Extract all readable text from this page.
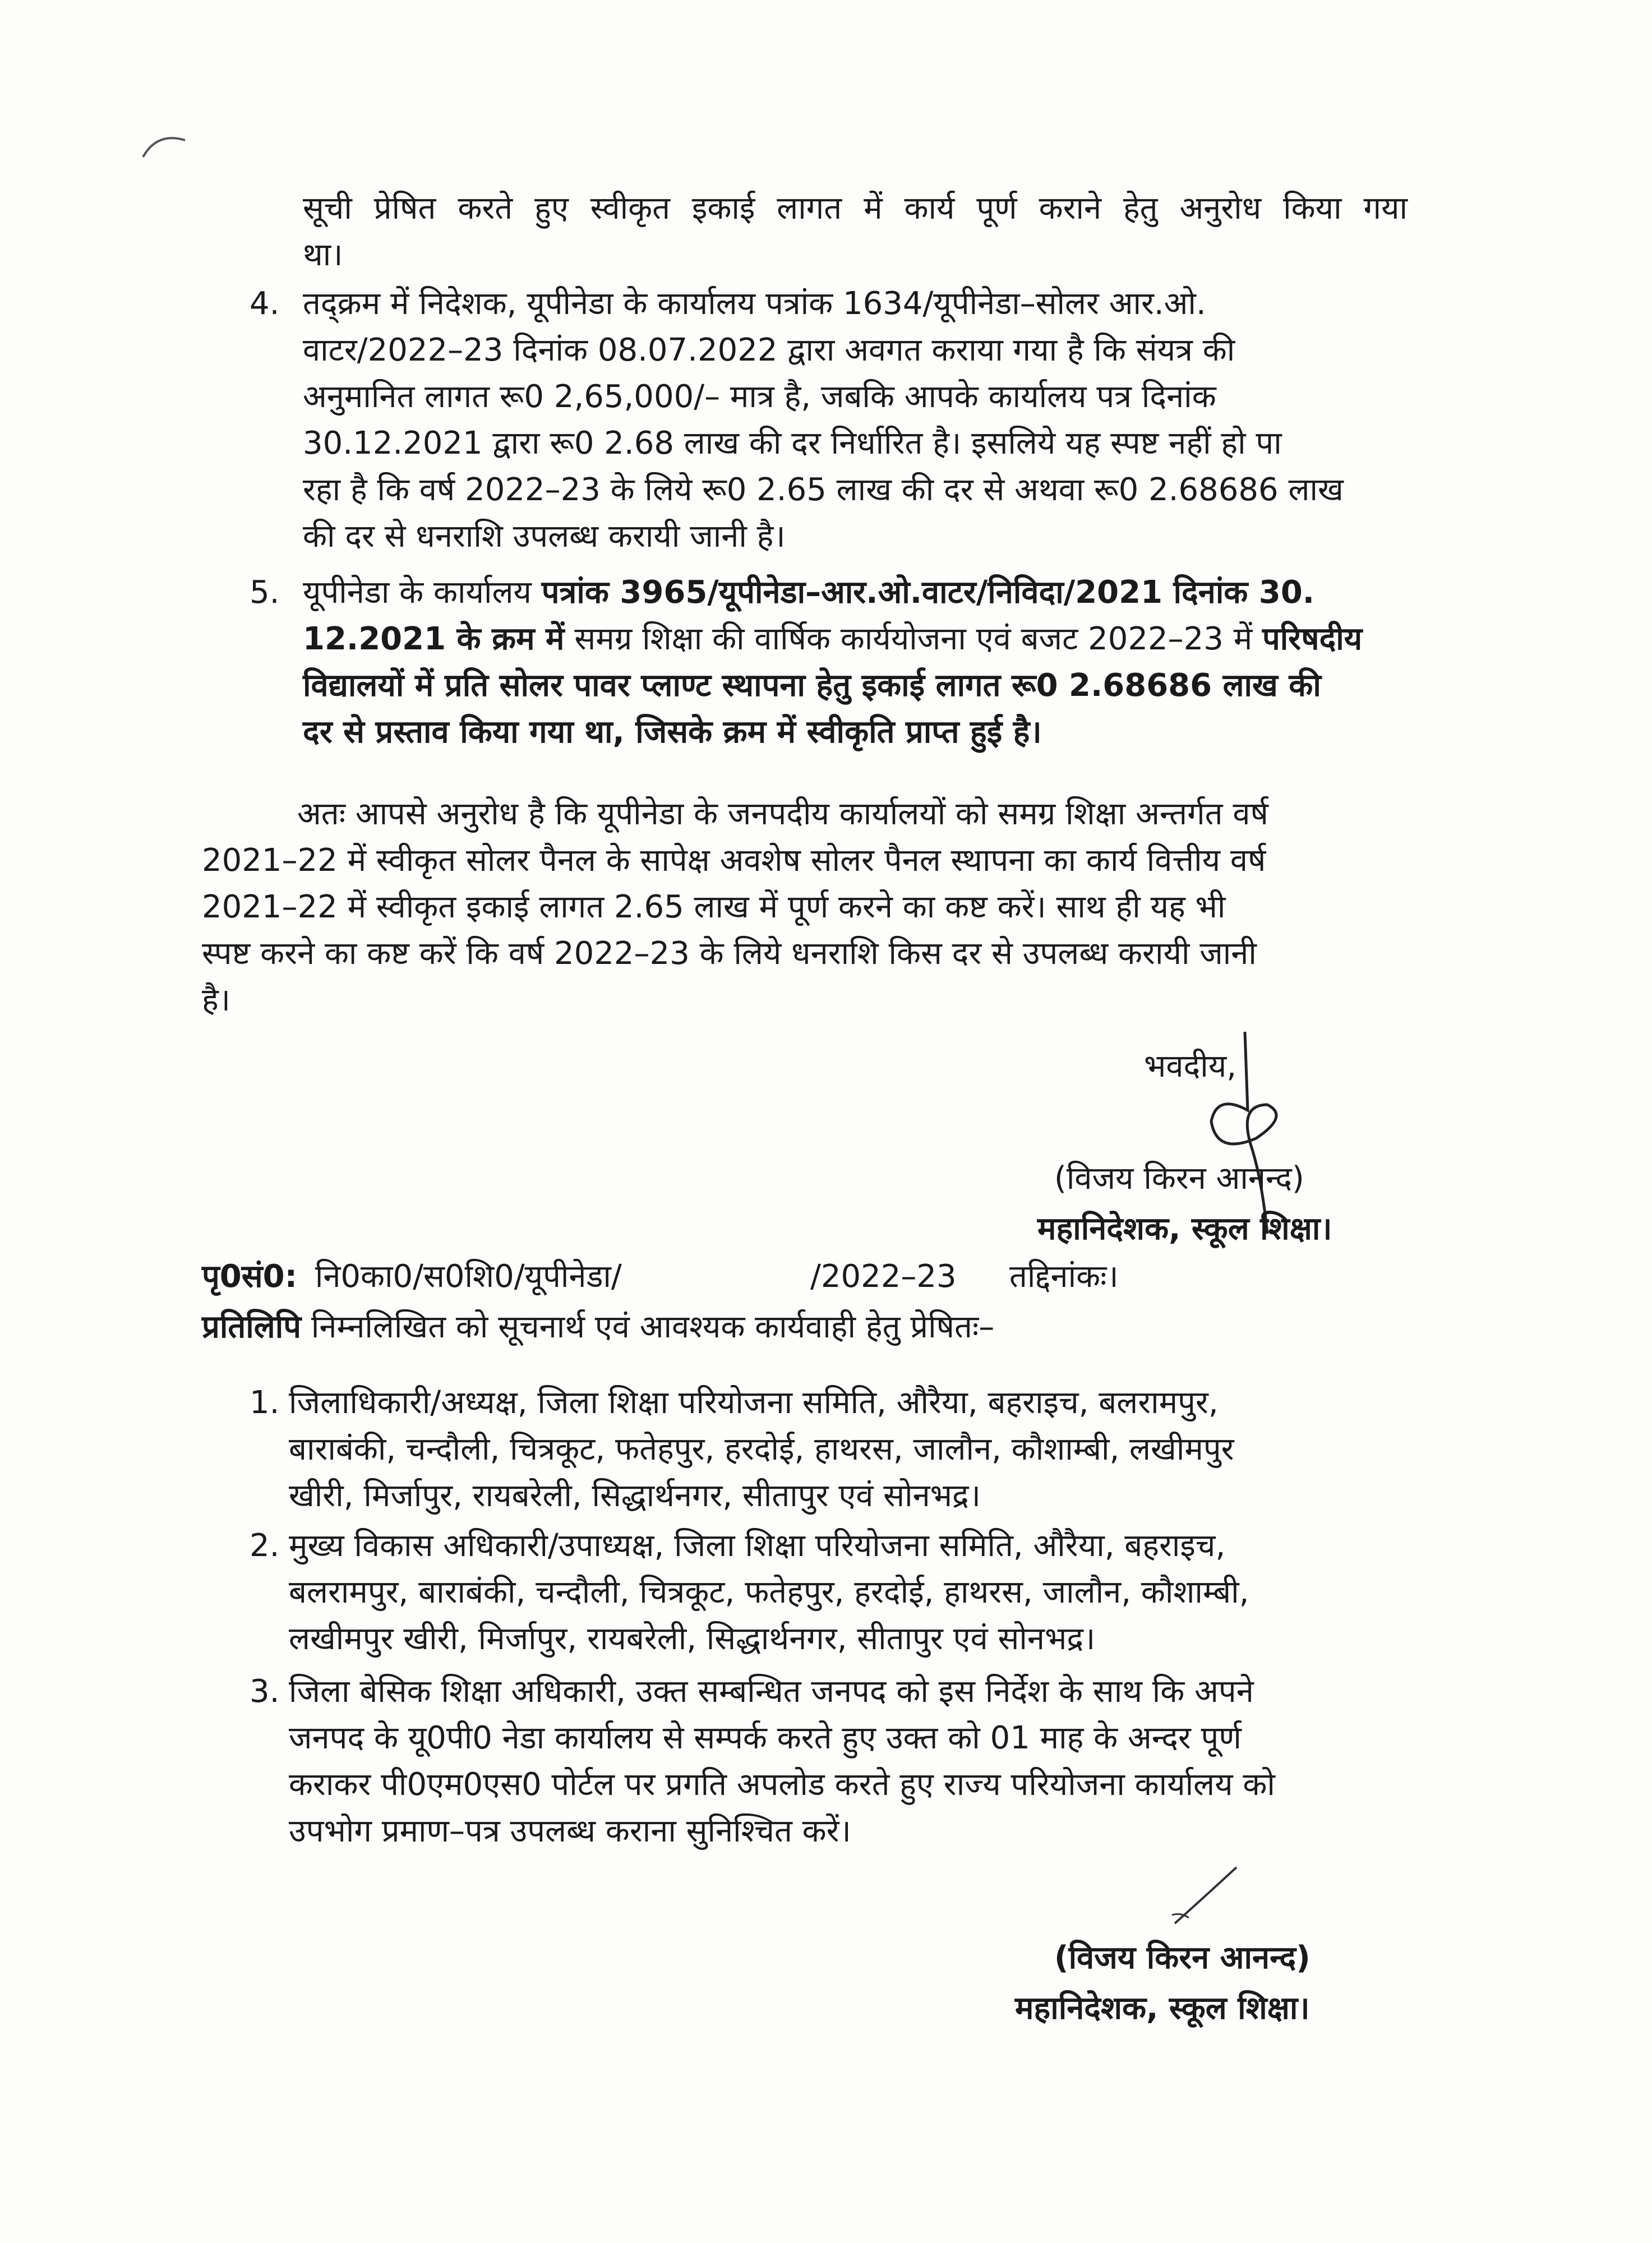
सूची प्रेषित करते हुए स्वीकृत इकाई लागत में कार्य पूर्ण कराने हेतु अनुरोध किया गया
था।
4. तद्क्रम में निदेशक, यूपीनेडा के कार्यालय पत्रांक 1634/यूपीनेडा–सोलर आर.ओ.
वाटर/2022–23 दिनांक 08.07.2022 द्वारा अवगत कराया गया है कि संयत्र की
अनुमानित लागत रू0 2,65,000/– मात्र है, जबकि आपके कार्यालय पत्र दिनांक
30.12.2021 द्वारा रू0 2.68 लाख की दर निर्धारित है। इसलिये यह स्पष्ट नहीं हो पा
रहा है कि वर्ष 2022–23 के लिये रू0 2.65 लाख की दर से अथवा रू0 2.68686 लाख
की दर से धनराशि उपलब्ध करायी जानी है।
5. यूपीनेडा के कार्यालय पत्रांक 3965/यूपीनेडा–आर.ओ.वाटर/निविदा/2021 दिनांक 30.
12.2021 के क्रम में समग्र शिक्षा की वार्षिक कार्ययोजना एवं बजट 2022–23 में परिषदीय
विद्यालयों में प्रति सोलर पावर प्लाण्ट स्थापना हेतु इकाई लागत रू0 2.68686 लाख की
दर से प्रस्ताव किया गया था, जिसके क्रम में स्वीकृति प्राप्त हुई है।
अतः आपसे अनुरोध है कि यूपीनेडा के जनपदीय कार्यालयों को समग्र शिक्षा अन्तर्गत वर्ष
2021–22 में स्वीकृत सोलर पैनल के सापेक्ष अवशेष सोलर पैनल स्थापना का कार्य वित्तीय वर्ष
2021–22 में स्वीकृत इकाई लागत 2.65 लाख में पूर्ण करने का कष्ट करें। साथ ही यह भी
स्पष्ट करने का कष्ट करें कि वर्ष 2022–23 के लिये धनराशि किस दर से उपलब्ध करायी जानी
है।
भवदीय,
(विजय किरन आनन्द)
महानिदेशक, स्कूल शिक्षा।
पृ0सं0: नि0का0/स0शि0/यूपीनेडा/	/2022–23 तद्दिनांकः।
प्रतिलिपि निम्नलिखित को सूचनार्थ एवं आवश्यक कार्यवाही हेतु प्रेषितः–
1. जिलाधिकारी/अध्यक्ष, जिला शिक्षा परियोजना समिति, औरैया, बहराइच, बलरामपुर,
बाराबंकी, चन्दौली, चित्रकूट, फतेहपुर, हरदोई, हाथरस, जालौन, कौशाम्बी, लखीमपुर
खीरी, मिर्जापुर, रायबरेली, सिद्धार्थनगर, सीतापुर एवं सोनभद्र।
2. मुख्य विकास अधिकारी/उपाध्यक्ष, जिला शिक्षा परियोजना समिति, औरैया, बहराइच,
बलरामपुर, बाराबंकी, चन्दौली, चित्रकूट, फतेहपुर, हरदोई, हाथरस, जालौन, कौशाम्बी,
लखीमपुर खीरी, मिर्जापुर, रायबरेली, सिद्धार्थनगर, सीतापुर एवं सोनभद्र।
3. जिला बेसिक शिक्षा अधिकारी, उक्त सम्बन्धित जनपद को इस निर्देश के साथ कि अपने
जनपद के यू0पी0 नेडा कार्यालय से सम्पर्क करते हुए उक्त को 01 माह के अन्दर पूर्ण
कराकर पी0एम0एस0 पोर्टल पर प्रगति अपलोड करते हुए राज्य परियोजना कार्यालय को
उपभोग प्रमाण–पत्र उपलब्ध कराना सुनिश्चित करें।
(विजय किरन आनन्द)
महानिदेशक, स्कूल शिक्षा।
